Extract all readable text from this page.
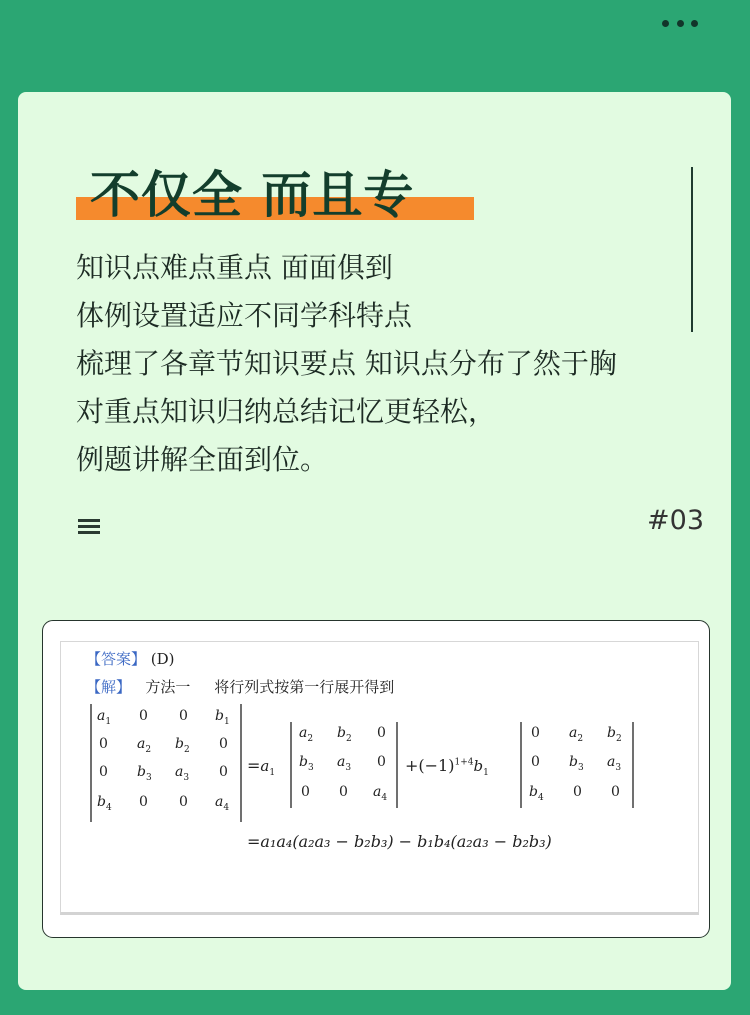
不仅全 而且专
知识点难点重点 面面俱到
体例设置适应不同学科特点
梳理了各章节知识要点 知识点分布了然于胸
对重点知识归纳总结记忆更轻松，
例题讲解全面到位。
#03
【答案】 (D)
【解】 方法一 将行列式按第一行展开得到
$a_1$ 0 0 $b_1$
0 $a_2$ $b_2$ 0
0 $b_3$ $a_3$ 0
$b_4$ 0 0 $a_4$
$=a_1$
$a_2$ $b_2$ 0
$b_3$ $a_3$ 0
0 0 $a_4$
$+(-1)^{1+4}b_1$
0 $a_2$ $b_2$
0 $b_3$ $a_3$
$b_4$ 0 0
=a₁a₄(a₂a₃ − b₂b₃) − b₁b₄(a₂a₃ − b₂b₃)
